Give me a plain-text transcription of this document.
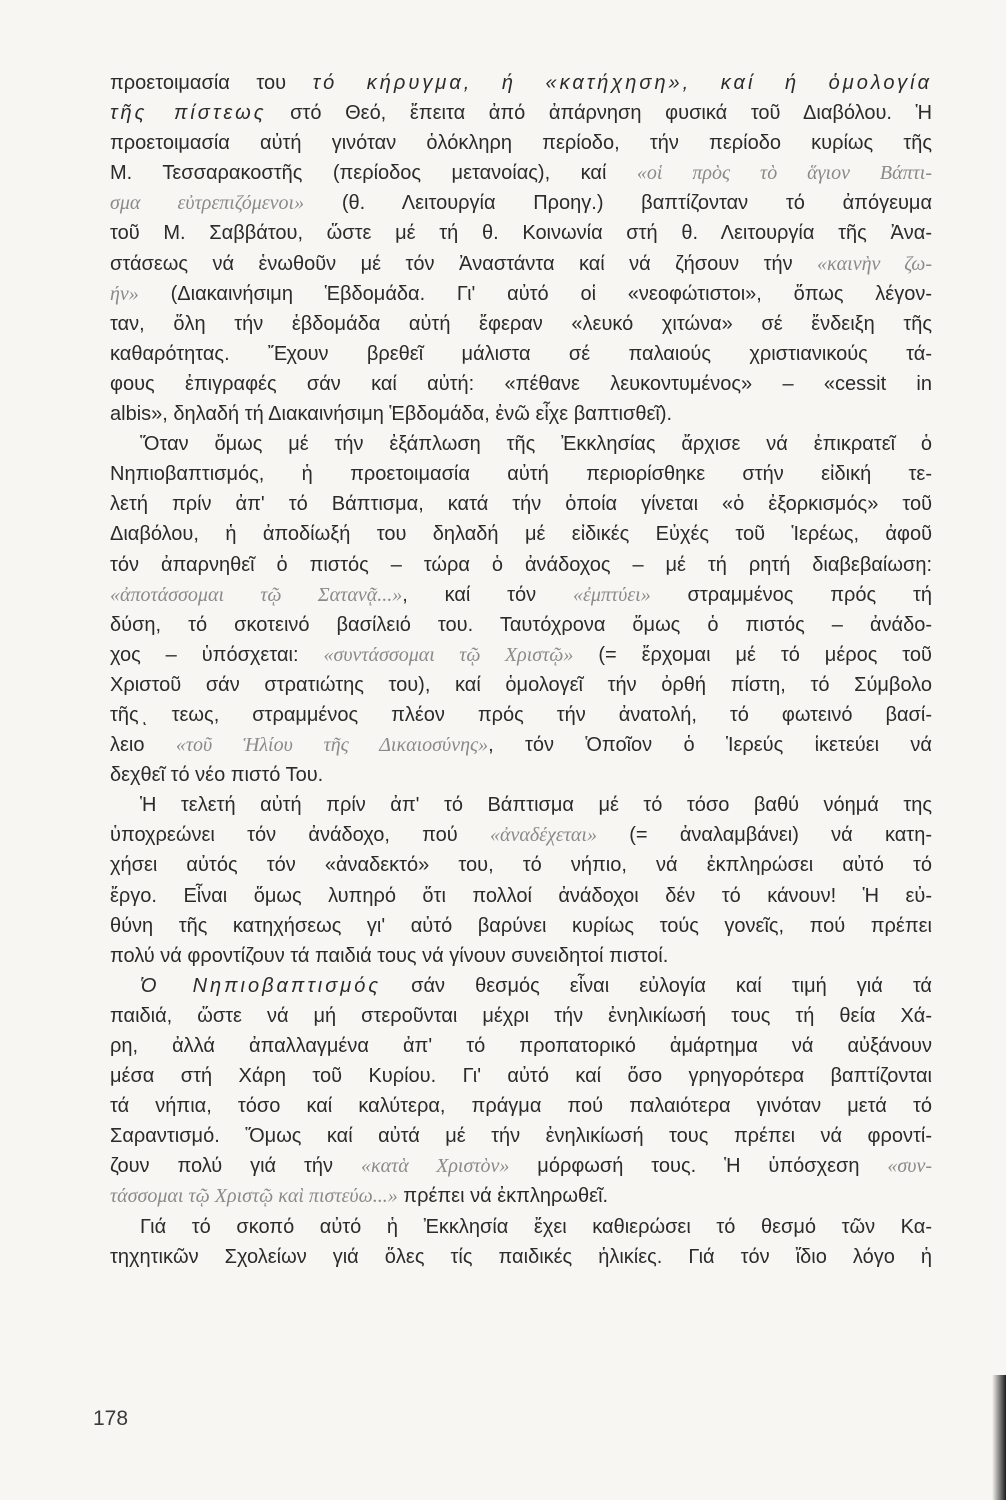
προετοιμασία του τό κήρυγμα, ή «κατήχηση», καί ή ὁμολογία
τῆς πίστεως στό Θεό, ἔπειτα ἀπό ἀπάρνηση φυσικά τοῦ Διαβόλου. Ἡ
προετοιμασία αὐτή γινόταν ὁλόκληρη περίοδο, τήν περίοδο κυρίως τῆς
Μ. Τεσσαρακοστῆς (περίοδος μετανοίας), καί «οἱ πρὸς τὸ ἅγιον Βάπτι-
σμα εὐτρεπιζόμενοι» (θ. Λειτουργία Προηγ.) βαπτίζονταν τό ἀπόγευμα
τοῦ Μ. Σαββάτου, ὥστε μέ τή θ. Κοινωνία στή θ. Λειτουργία τῆς Ἀνα-
στάσεως νά ἑνωθοῦν μέ τόν Ἀναστάντα καί νά ζήσουν τήν «καινὴν ζω-
ήν» (Διακαινήσιμη Ἑβδομάδα. Γι' αὐτό οἱ «νεοφώτιστοι», ὅπως λέγον-
ταν, ὅλη τήν ἑβδομάδα αὐτή ἔφεραν «λευκό χιτώνα» σέ ἔνδειξη τῆς
καθαρότητας. Ἔχουν βρεθεῖ μάλιστα σέ παλαιούς χριστιανικούς τά-
φους ἐπιγραφές σάν καί αὐτή: «πέθανε λευκοντυμένος» – «cessit in
albis», δηλαδή τή Διακαινήσιμη Ἑβδομάδα, ἐνῶ εἶχε βαπτισθεῖ).
Ὅταν ὅμως μέ τήν ἐξάπλωση τῆς Ἐκκλησίας ἄρχισε νά ἐπικρατεῖ ὁ
Νηπιοβαπτισμός, ἡ προετοιμασία αὐτή περιορίσθηκε στήν εἰδική τε-
λετή πρίν ἀπ' τό Βάπτισμα, κατά τήν ὁποία γίνεται «ὁ ἐξορκισμός» τοῦ
Διαβόλου, ἡ ἀποδίωξή του δηλαδή μέ εἰδικές Εὐχές τοῦ Ἱερέως, ἀφοῦ
τόν ἀπαρνηθεῖ ὁ πιστός – τώρα ὁ ἀνάδοχος – μέ τή ρητή διαβεβαίωση:
«ἀποτάσσομαι τῷ Σατανᾷ...», καί τόν «ἐμπτύει» στραμμένος πρός τή
δύση, τό σκοτεινό βασίλειό του. Ταυτόχρονα ὅμως ὁ πιστός – ἀνάδο-
χος – ὑπόσχεται: «συντάσσομαι τῷ Χριστῷ» (= ἔρχομαι μέ τό μέρος τοῦ
Χριστοῦ σάν στρατιώτης του), καί ὁμολογεῖ τήν ὀρθή πίστη, τό Σύμβολο
τῆς ͅτεως, στραμμένος πλέον πρός τήν ἀνατολή, τό φωτεινό βασί-
λειο «τοῦ Ἡλίου τῆς Δικαιοσύνης», τόν Ὁποῖον ὁ Ἱερεύς ἱκετεύει νά
δεχθεῖ τό νέο πιστό Του.
Ἡ τελετή αὐτή πρίν ἀπ' τό Βάπτισμα μέ τό τόσο βαθύ νόημά της
ὑποχρεώνει τόν ἀνάδοχο, πού «ἀναδέχεται» (= ἀναλαμβάνει) νά κατη-
χήσει αὐτός τόν «ἀναδεκτό» του, τό νήπιο, νά ἐκπληρώσει αὐτό τό
ἔργο. Εἶναι ὅμως λυπηρό ὅτι πολλοί ἀνάδοχοι δέν τό κάνουν! Ἡ εὐ-
θύνη τῆς κατηχήσεως γι' αὐτό βαρύνει κυρίως τούς γονεῖς, πού πρέπει
πολύ νά φροντίζουν τά παιδιά τους νά γίνουν συνειδητοί πιστοί.
Ὁ Νηπιοβαπτισμός σάν θεσμός εἶναι εὐλογία καί τιμή γιά τά
παιδιά, ὥστε νά μή στεροῦνται μέχρι τήν ἐνηλικίωσή τους τή θεία Χά-
ρη, ἀλλά ἀπαλλαγμένα ἀπ' τό προπατορικό ἁμάρτημα νά αὐξάνουν
μέσα στή Χάρη τοῦ Κυρίου. Γι' αὐτό καί ὅσο γρηγορότερα βαπτίζονται
τά νήπια, τόσο καί καλύτερα, πράγμα πού παλαιότερα γινόταν μετά τό
Σαραντισμό. Ὅμως καί αὐτά μέ τήν ἐνηλικίωσή τους πρέπει νά φροντί-
ζουν πολύ γιά τήν «κατὰ Χριστὸν» μόρφωσή τους. Ἡ ὑπόσχεση «συν-
τάσσομαι τῷ Χριστῷ καὶ πιστεύω...» πρέπει νά ἐκπληρωθεῖ.
Γιά τό σκοπό αὐτό ἡ Ἐκκλησία ἔχει καθιερώσει τό θεσμό τῶν Κα-
τηχητικῶν Σχολείων γιά ὅλες τίς παιδικές ἡλικίες. Γιά τόν ἴδιο λόγο ἡ
178
